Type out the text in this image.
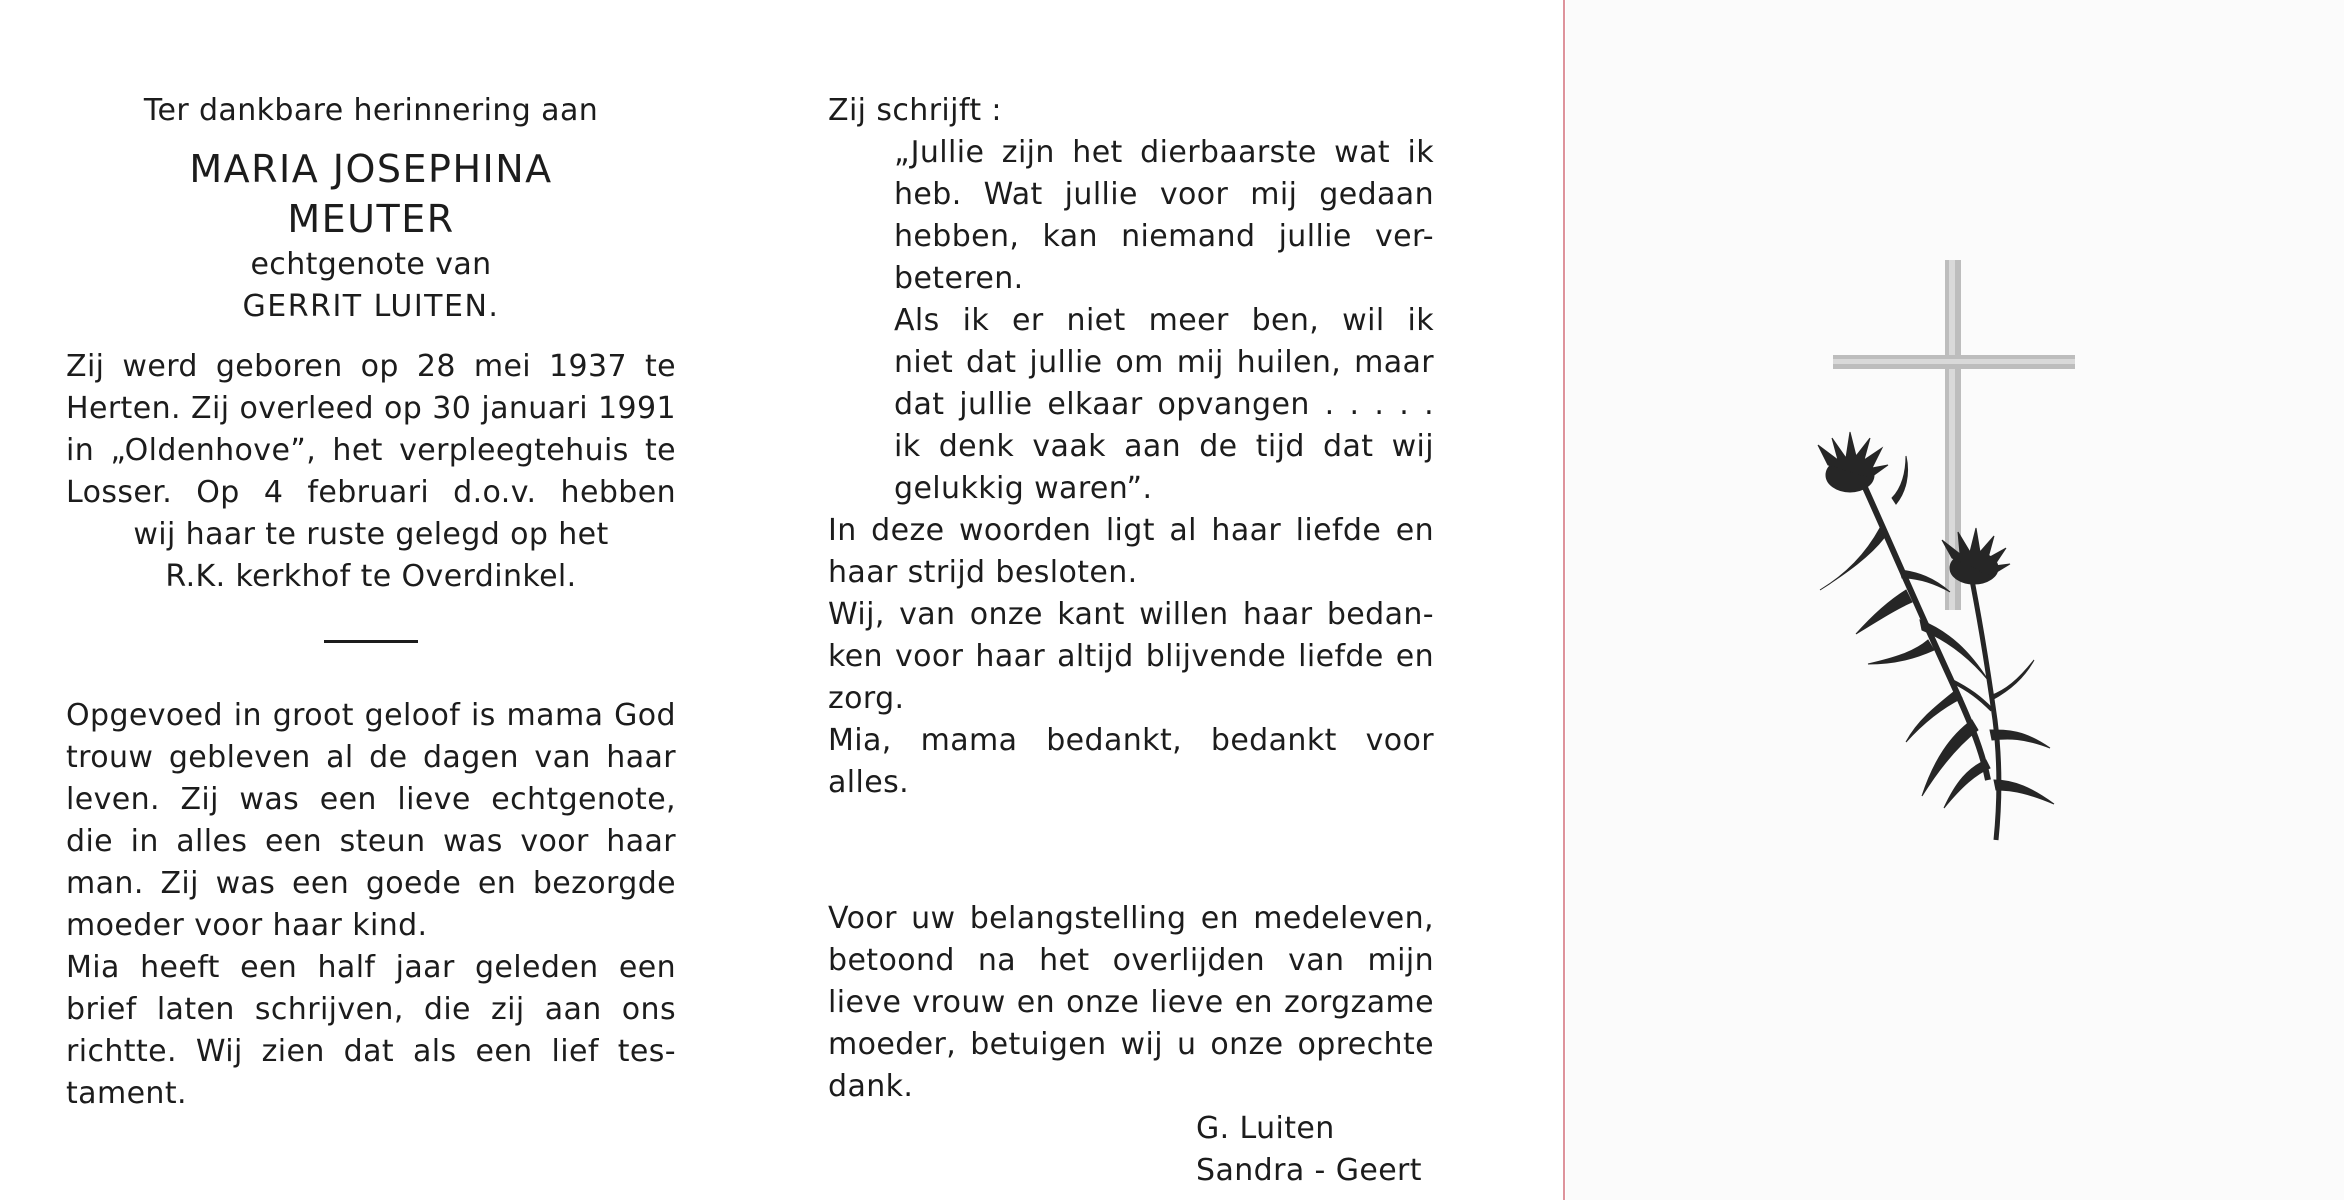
Ter dankbare herinnering aan

MARIA JOSEPHINA

MEUTER

echtgenote van

GERRIT LUITEN.

Zij werd geboren op 28 mei 1937 te

Herten. Zij overleed op 30 januari 1991

in „Oldenhove”, het verpleegtehuis te

Losser. Op 4 februari d.o.v. hebben

wij haar te ruste gelegd op het

R.K. kerkhof te Overdinkel.

Opgevoed in groot geloof is mama God

trouw gebleven al de dagen van haar

leven. Zij was een lieve echtgenote,

die in alles een steun was voor haar

man. Zij was een goede en bezorgde

moeder voor haar kind.

Mia heeft een half jaar geleden een

brief laten schrijven, die zij aan ons

richtte. Wij zien dat als een lief tes-

tament.

Zij schrijft :

„Jullie zijn het dierbaarste wat ik

heb. Wat jullie voor mij gedaan

hebben, kan niemand jullie ver-

beteren.

Als ik er niet meer ben, wil ik

niet dat jullie om mij huilen, maar

dat jullie elkaar opvangen . . . . .

ik denk vaak aan de tijd dat wij

gelukkig waren”.

In deze woorden ligt al haar liefde en

haar strijd besloten.

Wij, van onze kant willen haar bedan-

ken voor haar altijd blijvende liefde en

zorg.

Mia, mama bedankt, bedankt voor alles.

Voor uw belangstelling en medeleven,

betoond na het overlijden van mijn

lieve vrouw en onze lieve en zorgzame

moeder, betuigen wij u onze oprechte

dank.

G. Luiten

Sandra - Geert
